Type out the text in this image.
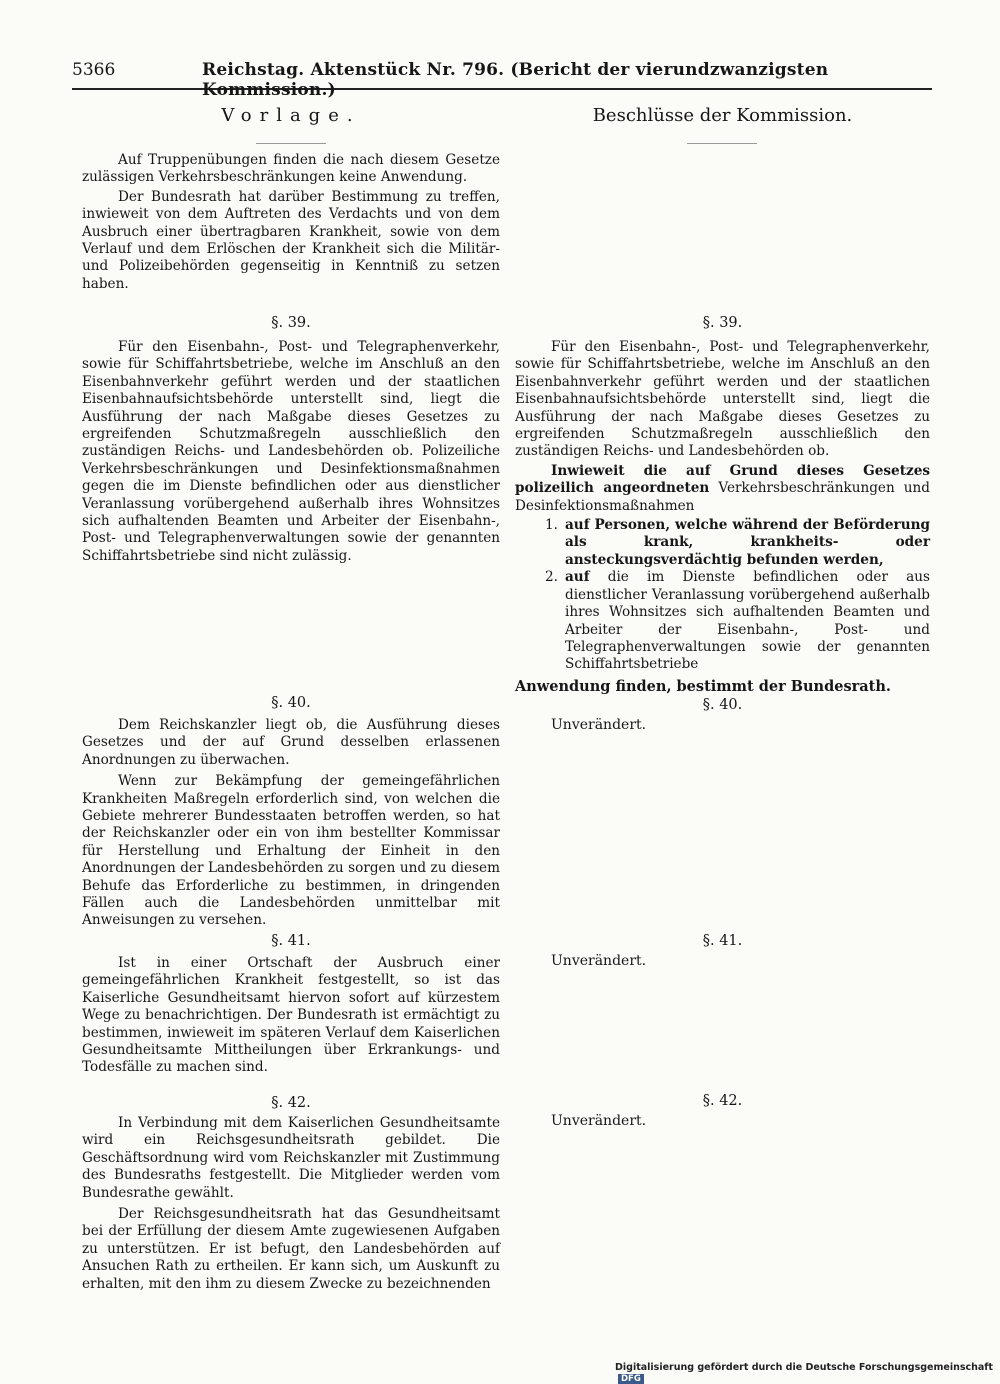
5366	Reichstag. Aktenstück Nr. 796. (Bericht der vierundzwanzigsten Kommission.)
Vorlage.

Auf Truppenübungen finden die nach diesem Gesetze zulässigen Verkehrsbeschränkungen keine Anwendung.

Der Bundesrath hat darüber Bestimmung zu treffen, inwieweit von dem Auftreten des Verdachts und von dem Ausbruch einer übertragbaren Krankheit, sowie von dem Verlauf und dem Erlöschen der Krankheit sich die Militär- und Polizeibehörden gegenseitig in Kenntniß zu setzen haben.

§. 39.

Für den Eisenbahn-, Post- und Telegraphenverkehr, sowie für Schiffahrtsbetriebe, welche im Anschluß an den Eisenbahnverkehr geführt werden und der staatlichen Eisenbahnaufsichtsbehörde unterstellt sind, liegt die Ausführung der nach Maßgabe dieses Gesetzes zu ergreifenden Schutzmaßregeln ausschließlich den zuständigen Reichs- und Landesbehörden ob. Polizeiliche Verkehrsbeschränkungen und Desinfektionsmaßnahmen gegen die im Dienste befindlichen oder aus dienstlicher Veranlassung vorübergehend außerhalb ihres Wohnsitzes sich aufhaltenden Beamten und Arbeiter der Eisenbahn-, Post- und Telegraphenverwaltungen sowie der genannten Schiffahrtsbetriebe sind nicht zulässig.

§. 40.

Dem Reichskanzler liegt ob, die Ausführung dieses Gesetzes und der auf Grund desselben erlassenen Anordnungen zu überwachen.

Wenn zur Bekämpfung der gemeingefährlichen Krankheiten Maßregeln erforderlich sind, von welchen die Gebiete mehrerer Bundesstaaten betroffen werden, so hat der Reichskanzler oder ein von ihm bestellter Kommissar für Herstellung und Erhaltung der Einheit in den Anordnungen der Landesbehörden zu sorgen und zu diesem Behufe das Erforderliche zu bestimmen, in dringenden Fällen auch die Landesbehörden unmittelbar mit Anweisungen zu versehen.

§. 41.

Ist in einer Ortschaft der Ausbruch einer gemeingefährlichen Krankheit festgestellt, so ist das Kaiserliche Gesundheitsamt hiervon sofort auf kürzestem Wege zu benachrichtigen. Der Bundesrath ist ermächtigt zu bestimmen, inwieweit im späteren Verlauf dem Kaiserlichen Gesundheitsamte Mittheilungen über Erkrankungs- und Todesfälle zu machen sind.

§. 42.

In Verbindung mit dem Kaiserlichen Gesundheitsamte wird ein Reichsgesundheitsrath gebildet. Die Geschäftsordnung wird vom Reichskanzler mit Zustimmung des Bundesraths festgestellt. Die Mitglieder werden vom Bundesrathe gewählt.

Der Reichsgesundheitsrath hat das Gesundheitsamt bei der Erfüllung der diesem Amte zugewiesenen Aufgaben zu unterstützen. Er ist befugt, den Landesbehörden auf Ansuchen Rath zu ertheilen. Er kann sich, um Auskunft zu erhalten, mit den ihm zu diesem Zwecke zu bezeichnenden

Beschlüsse der Kommission.
§. 39.

Für den Eisenbahn-, Post- und Telegraphenverkehr, sowie für Schiffahrtsbetriebe, welche im Anschluß an den Eisenbahnverkehr geführt werden und der staatlichen Eisenbahnaufsichtsbehörde unterstellt sind, liegt die Ausführung der nach Maßgabe dieses Gesetzes zu ergreifenden Schutzmaßregeln ausschließlich den zuständigen Reichs- und Landesbehörden ob.

Inwieweit die auf Grund dieses Gesetzes polizeilich angeordneten Verkehrsbeschränkungen und Desinfektionsmaßnahmen

1. auf Personen, welche während der Beförderung als krank, krankheits- oder ansteckungsverdächtig befunden werden,

2. auf die im Dienste befindlichen oder aus dienstlicher Veranlassung vorübergehend außerhalb ihres Wohnsitzes sich aufhaltenden Beamten und Arbeiter der Eisenbahn-, Post- und Telegraphenverwaltungen sowie der genannten Schiffahrtsbetriebe

Anwendung finden, bestimmt der Bundesrath.

§. 40.
Unverändert.
§. 41.
Unverändert.
§. 42.
Unverändert.
Digitalisierung gefördert durch die Deutsche ForschungsgemeinschaftDFG
